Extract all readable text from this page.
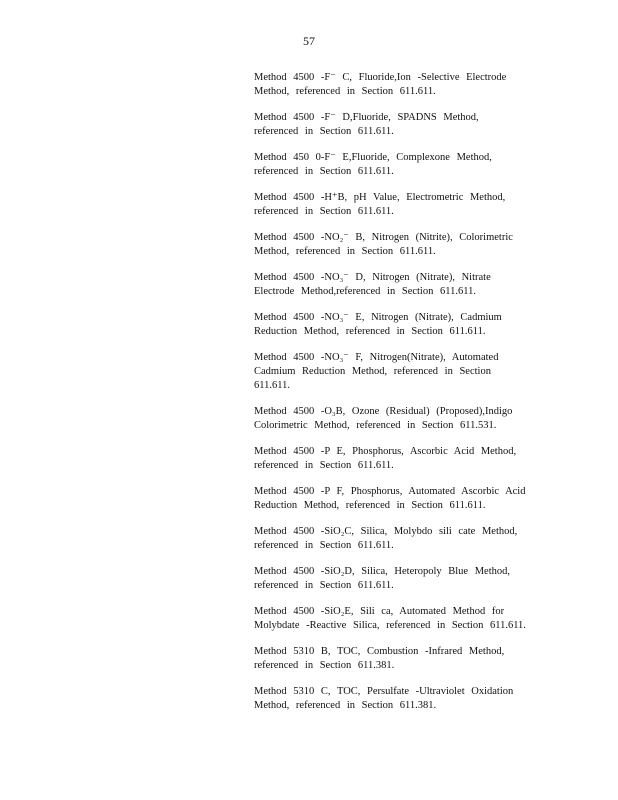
57
Method 4500 -F⁻ C, Fluoride,Ion -Selective Electrode
Method, referenced in Section 611.611.
Method 4500 -F⁻ D,Fluoride, SPADNS Method,
referenced in Section 611.611.
Method 450 0-F⁻ E,Fluoride, Complexone Method,
referenced in Section 611.611.
Method 4500 -H⁺B, pH Value, Electrometric Method,
referenced in Section 611.611.
Method 4500 -NO₂⁻ B, Nitrogen (Nitrite), Colorimetric
Method, referenced in Section 611.611.
Method 4500 -NO₃⁻ D, Nitrogen (Nitrate), Nitrate
Electrode Method,referenced in Section 611.611.
Method 4500 -NO₃⁻ E, Nitrogen (Nitrate), Cadmium
Reduction Method, referenced in Section 611.611.
Method 4500 -NO₃⁻ F, Nitrogen(Nitrate), Automated
Cadmium Reduction Method, referenced in Section
611.611.
Method 4500 -O₃B, Ozone (Residual) (Proposed),Indigo
Colorimetric Method, referenced in Section 611.531.
Method 4500 -P E, Phosphorus, Ascorbic Acid Method,
referenced in Section 611.611.
Method 4500 -P F, Phosphorus, Automated Ascorbic Acid
Reduction Method, referenced in Section 611.611.
Method 4500 -SiO₂C, Silica, Molybdo sili cate Method,
referenced in Section 611.611.
Method 4500 -SiO₂D, Silica, Heteropoly Blue Method,
referenced in Section 611.611.
Method 4500 -SiO₂E, Sili ca, Automated Method for
Molybdate -Reactive Silica, referenced in Section 611.611.
Method 5310 B, TOC, Combustion -Infrared Method,
referenced in Section 611.381.
Method 5310 C, TOC, Persulfate -Ultraviolet Oxidation
Method, referenced in Section 611.381.
